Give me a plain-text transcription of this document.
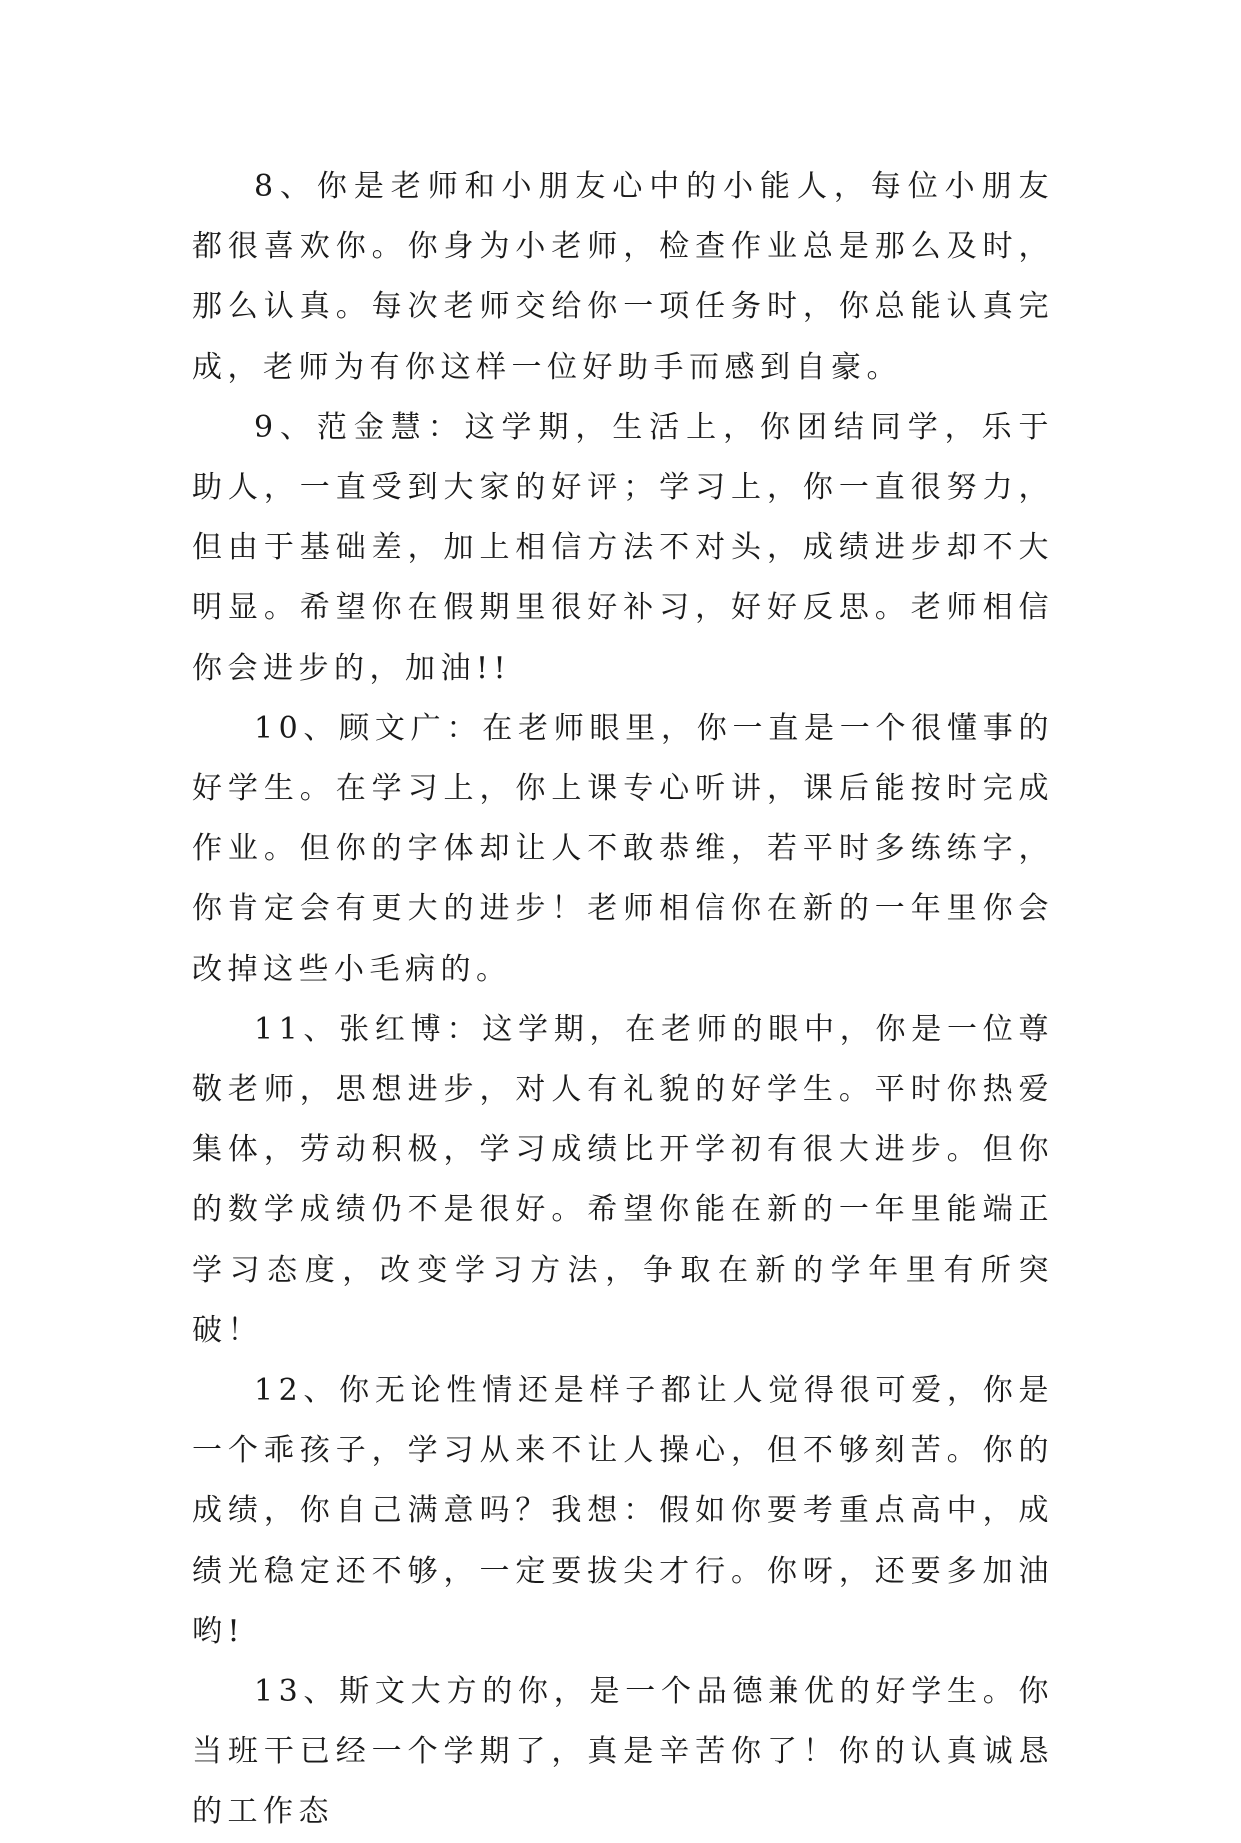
8、你是老师和小朋友心中的小能人，每位小朋友都很喜欢你。你身为小老师，检查作业总是那么及时，那么认真。每次老师交给你一项任务时，你总能认真完成，老师为有你这样一位好助手而感到自豪。

9、范金慧：这学期，生活上，你团结同学，乐于助人，一直受到大家的好评；学习上，你一直很努力，但由于基础差，加上相信方法不对头，成绩进步却不大明显。希望你在假期里很好补习，好好反思。老师相信你会进步的，加油!!

10、顾文广：在老师眼里，你一直是一个很懂事的好学生。在学习上，你上课专心听讲，课后能按时完成作业。但你的字体却让人不敢恭维，若平时多练练字，你肯定会有更大的进步！老师相信你在新的一年里你会改掉这些小毛病的。

11、张红博：这学期，在老师的眼中，你是一位尊敬老师，思想进步，对人有礼貌的好学生。平时你热爱集体，劳动积极，学习成绩比开学初有很大进步。但你的数学成绩仍不是很好。希望你能在新的一年里能端正学习态度，改变学习方法，争取在新的学年里有所突破！

12、你无论性情还是样子都让人觉得很可爱，你是一个乖孩子，学习从来不让人操心，但不够刻苦。你的成绩，你自己满意吗？我想：假如你要考重点高中，成绩光稳定还不够，一定要拔尖才行。你呀，还要多加油哟!

13、斯文大方的你，是一个品德兼优的好学生。你当班干已经一个学期了，真是辛苦你了！你的认真诚恳的工作态
